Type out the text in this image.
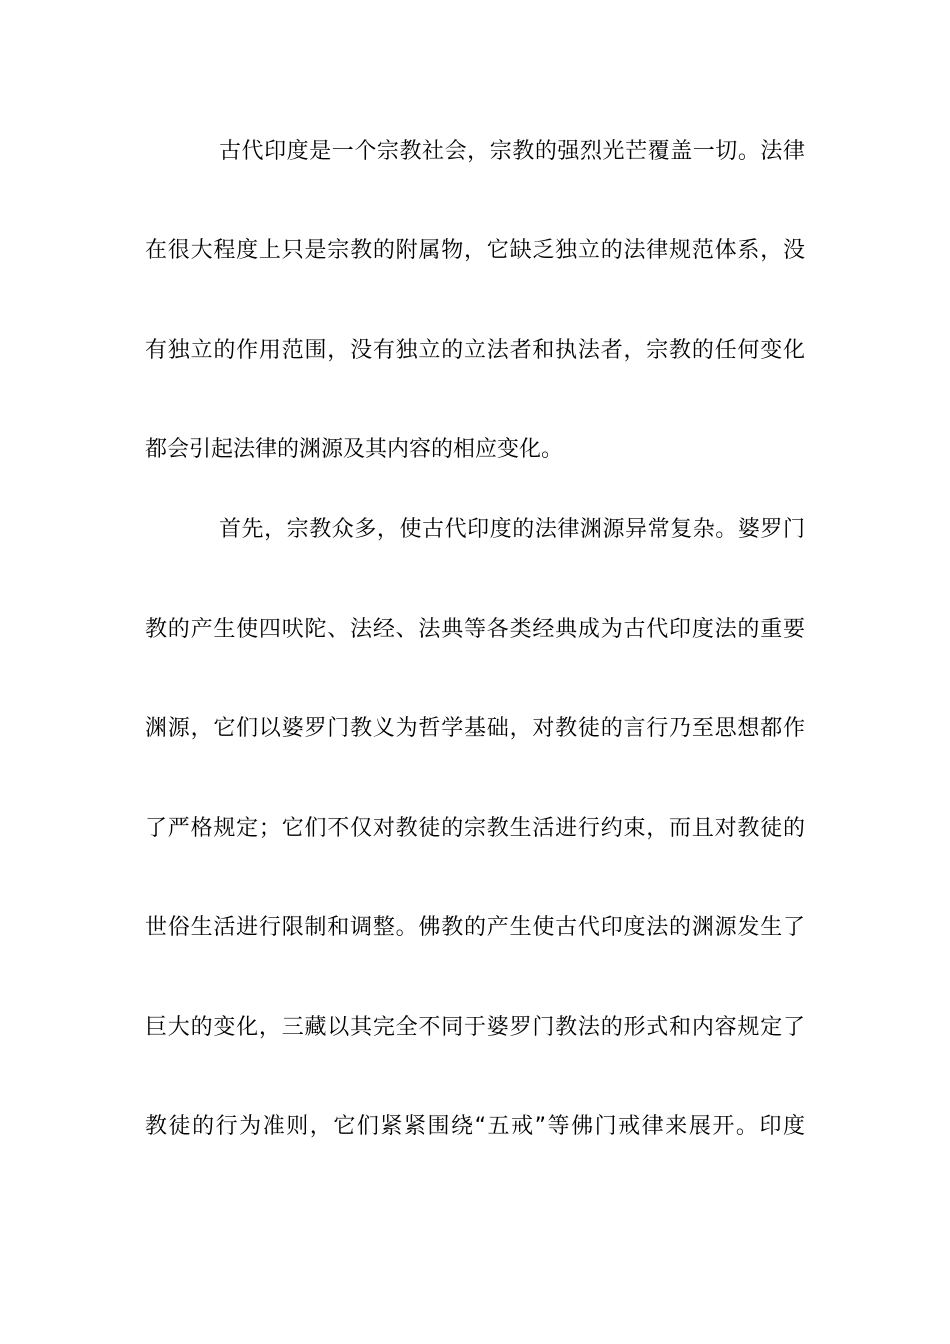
古代印度是一个宗教社会，宗教的强烈光芒覆盖一切。法律
在很大程度上只是宗教的附属物，它缺乏独立的法律规范体系，没
有独立的作用范围，没有独立的立法者和执法者，宗教的任何变化
都会引起法律的渊源及其内容的相应变化。
首先，宗教众多，使古代印度的法律渊源异常复杂。婆罗门
教的产生使四吠陀、法经、法典等各类经典成为古代印度法的重要
渊源，它们以婆罗门教义为哲学基础，对教徒的言行乃至思想都作
了严格规定；它们不仅对教徒的宗教生活进行约束，而且对教徒的
世俗生活进行限制和调整。佛教的产生使古代印度法的渊源发生了
巨大的变化，三藏以其完全不同于婆罗门教法的形式和内容规定了
教徒的行为准则，它们紧紧围绕“五戒”等佛门戒律来展开。印度
